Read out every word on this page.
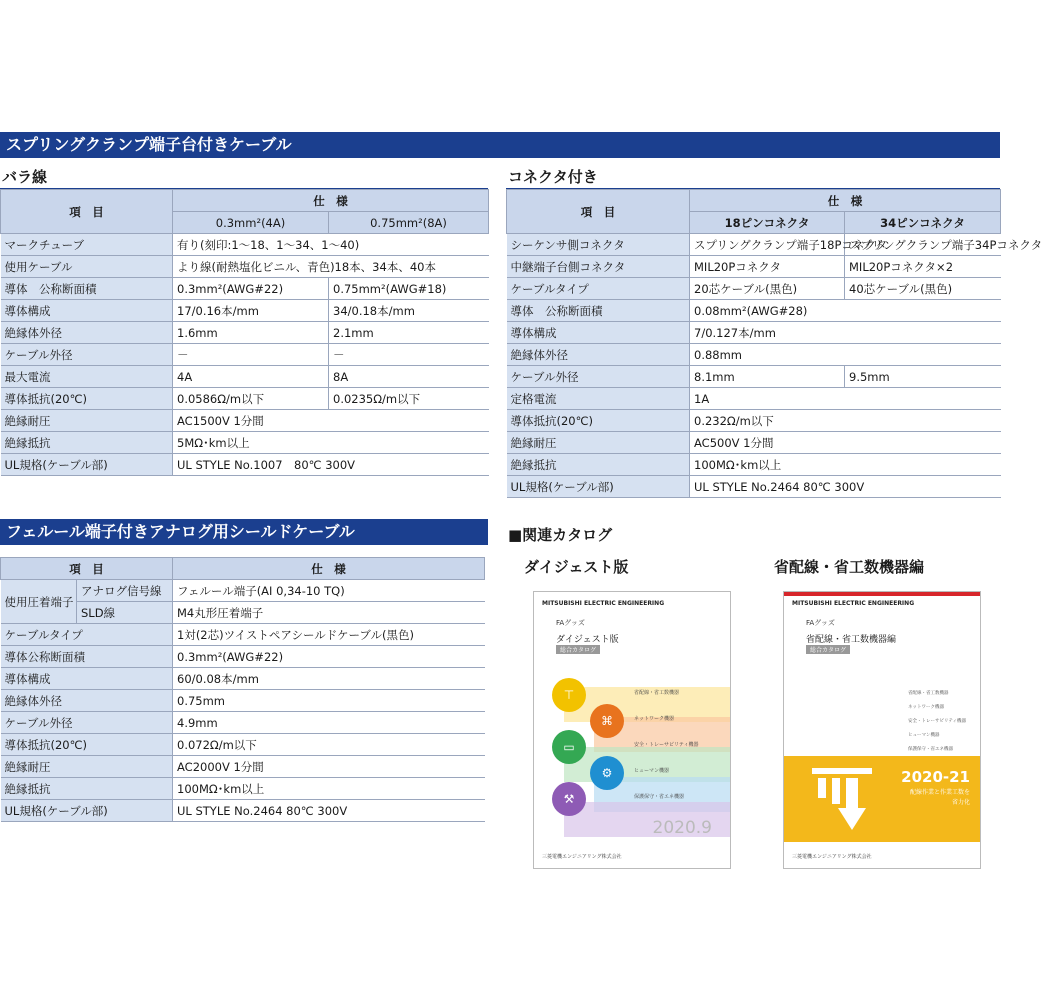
スプリングクランプ端子台付きケーブル
バラ線
項　目	仕　様	
	0.3mm²(4A)	0.75mm²(8A)
マークチューブ	有り(刻印:1～18、1～34、1～40)	
使用ケーブル	より線(耐熱塩化ビニル、青色)18本、34本、40本	
導体　公称断面積	0.3mm²(AWG#22)	0.75mm²(AWG#18)
導体構成	17/0.16本/mm	34/0.18本/mm
絶縁体外径	1.6mm	2.1mm
ケーブル外径	－	－
最大電流	4A	8A
導体抵抗(20℃)	0.0586Ω/m以下	0.0235Ω/m以下
絶縁耐圧	AC1500V 1分間	
絶縁抵抗	5MΩ･km以上	
UL規格(ケーブル部)	UL STYLE No.1007　80℃ 300V	
コネクタ付き
項　目	仕　様	
	18ピンコネクタ	34ピンコネクタ
シーケンサ側コネクタ	スプリングクランプ端子18Pコネクタ	スプリングクランプ端子34Pコネクタ
中継端子台側コネクタ	MIL20Pコネクタ	MIL20Pコネクタ×2
ケーブルタイプ	20芯ケーブル(黒色)	40芯ケーブル(黒色)
導体　公称断面積	0.08mm²(AWG#28)	
導体構成	7/0.127本/mm	
絶縁体外径	0.88mm	
ケーブル外径	8.1mm	9.5mm
定格電流	1A	
導体抵抗(20℃)	0.232Ω/m以下	
絶縁耐圧	AC500V 1分間	
絶縁抵抗	100MΩ･km以上	
UL規格(ケーブル部)	UL STYLE No.2464 80℃ 300V	
フェルール端子付きアナログ用シールドケーブル
項　目		仕　様
使用圧着端子	アナログ信号線	フェルール端子(AI 0,34-10 TQ)
	SLD線	M4丸形圧着端子
ケーブルタイプ		1対(2芯)ツイストペアシールドケーブル(黒色)
導体公称断面積		0.3mm²(AWG#22)
導体構成		60/0.08本/mm
絶縁体外径		0.75mm
ケーブル外径		4.9mm
導体抵抗(20℃)		0.072Ω/m以下
絶縁耐圧		AC2000V 1分間
絶縁抵抗		100MΩ･km以上
UL規格(ケーブル部)		UL STYLE No.2464 80℃ 300V
■関連カタログ
ダイジェスト版	省配線・省工数機器編
MITSUBISHI ELECTRIC ENGINEERING
FAグッズ
ダイジェスト版
総合カタログ
⊤
⌘
▭
⚙
⚒
省配線・省工数機器
ネットワーク機器
安全・トレーサビリティ機器
ヒューマン機器
保護保守・省エネ機器
2020.9
三菱電機エンジニアリング株式会社
MITSUBISHI ELECTRIC ENGINEERING
FAグッズ
省配線・省工数機器編
総合カタログ
省配線・省工数機器
ネットワーク機器
安全・トレーサビリティ機器
ヒューマン機器
保護保守・省エネ機器
2020-21
配線作業と作業工数を
省力化
三菱電機エンジニアリング株式会社
